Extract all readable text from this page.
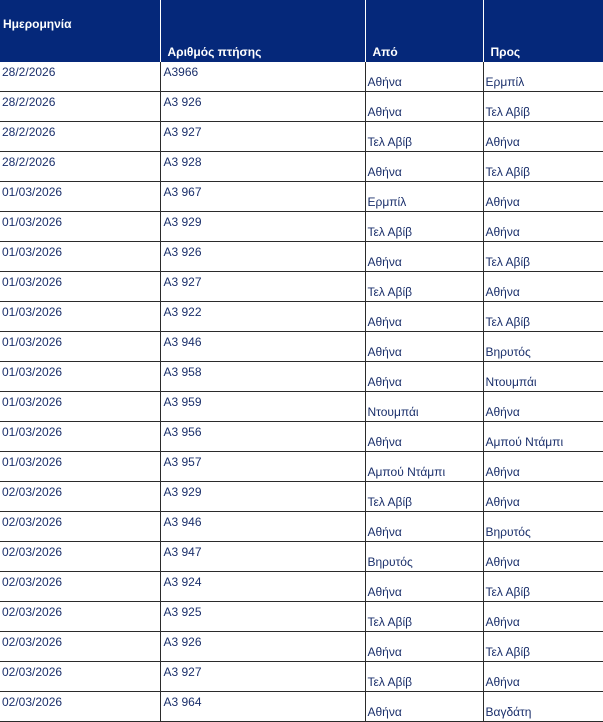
Ημερομηνία	Αριθμός πτήσης	Από	Προς

28/2/2026	A3966	Αθήνα	Ερμπίλ

28/2/2026	A3 926	Αθήνα	Τελ Αβίβ

28/2/2026	A3 927	Τελ Αβίβ	Αθήνα

28/2/2026	A3 928	Αθήνα	Τελ Αβίβ

01/03/2026	A3 967	Ερμπίλ	Αθήνα

01/03/2026	A3 929	Τελ Αβίβ	Αθήνα

01/03/2026	A3 926	Αθήνα	Τελ Αβίβ

01/03/2026	A3 927	Τελ Αβίβ	Αθήνα

01/03/2026	A3 922	Αθήνα	Τελ Αβίβ

01/03/2026	A3 946	Αθήνα	Βηρυτός

01/03/2026	A3 958	Αθήνα	Ντουμπάι

01/03/2026	A3 959	Ντουμπάι	Αθήνα

01/03/2026	A3 956	Αθήνα	Αμπού Ντάμπι

01/03/2026	A3 957	Αμπού Ντάμπι	Αθήνα

02/03/2026	A3 929	Τελ Αβίβ	Αθήνα

02/03/2026	A3 946	Αθήνα	Βηρυτός

02/03/2026	A3 947	Βηρυτός	Αθήνα

02/03/2026	A3 924	Αθήνα	Τελ Αβίβ

02/03/2026	A3 925	Τελ Αβίβ	Αθήνα

02/03/2026	A3 926	Αθήνα	Τελ Αβίβ

02/03/2026	A3 927	Τελ Αβίβ	Αθήνα

02/03/2026	A3 964	Αθήνα	Βαγδάτη
